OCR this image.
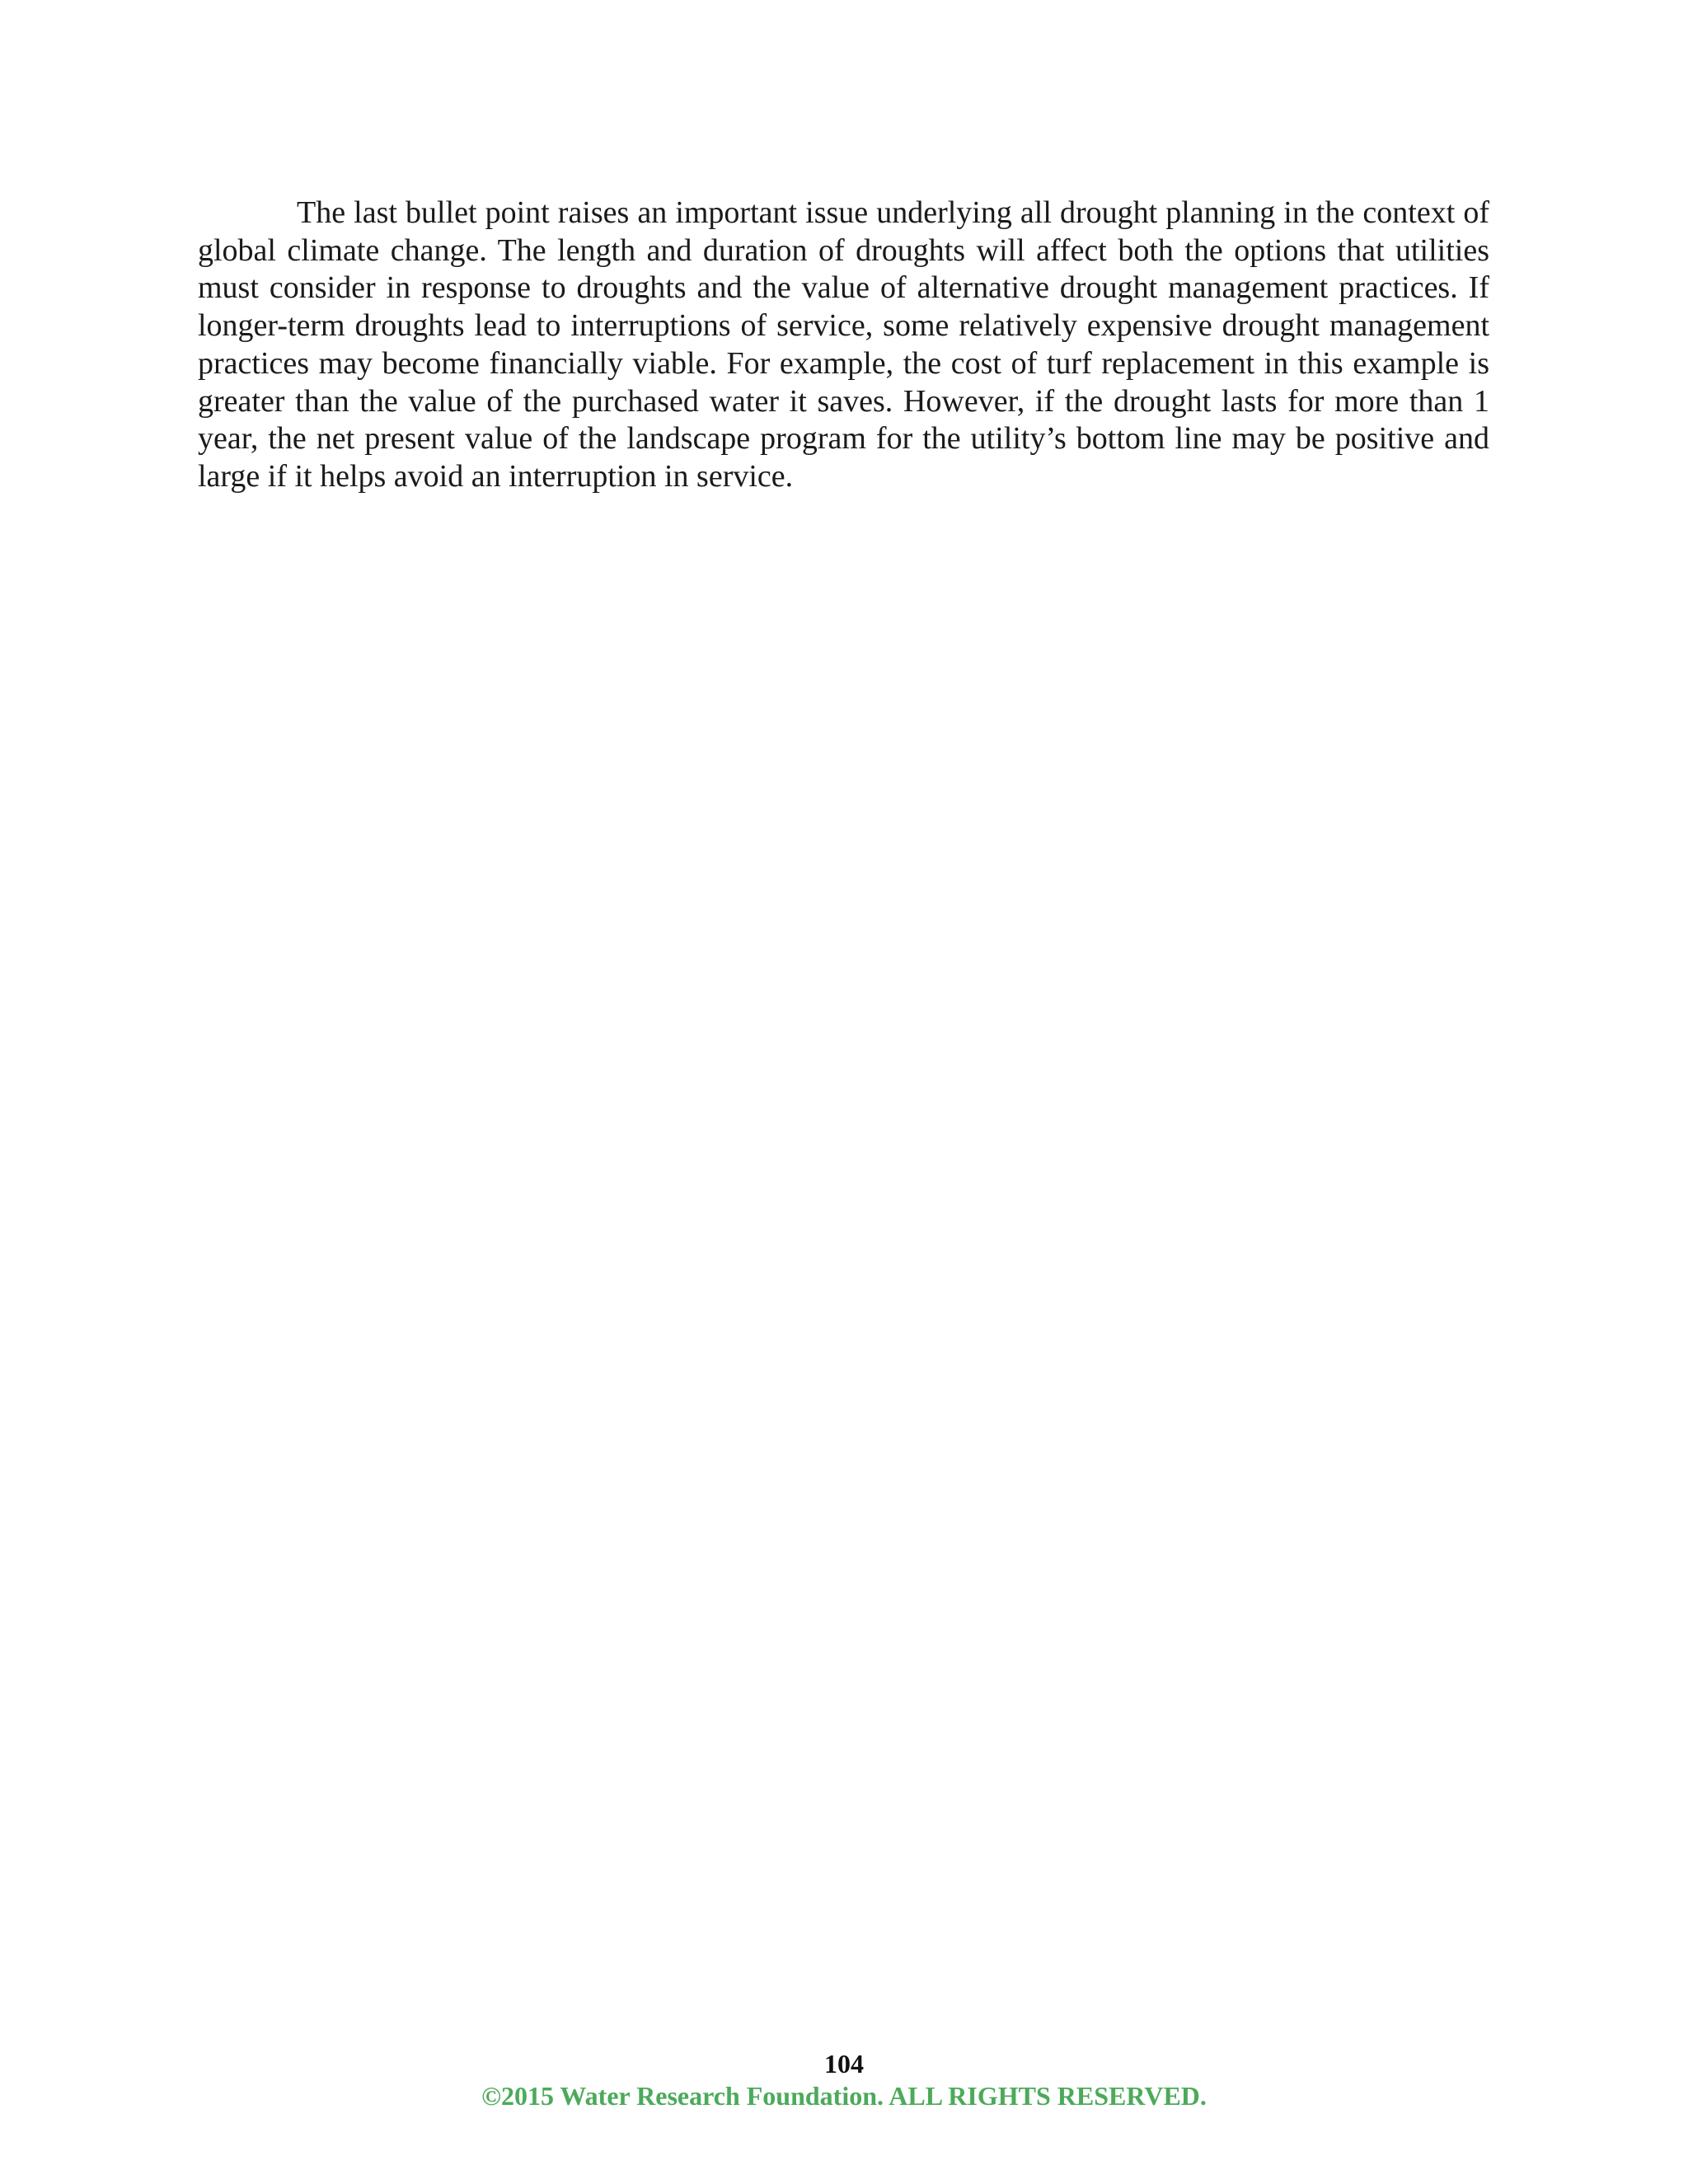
The last bullet point raises an important issue underlying all drought planning in the context of global climate change. The length and duration of droughts will affect both the options that utilities must consider in response to droughts and the value of alternative drought management practices. If longer-term droughts lead to interruptions of service, some relatively expensive drought management practices may become financially viable. For example, the cost of turf replacement in this example is greater than the value of the purchased water it saves. However, if the drought lasts for more than 1 year, the net present value of the landscape program for the utility’s bottom line may be positive and large if it helps avoid an interruption in service.

104

©2015 Water Research Foundation. ALL RIGHTS RESERVED.
